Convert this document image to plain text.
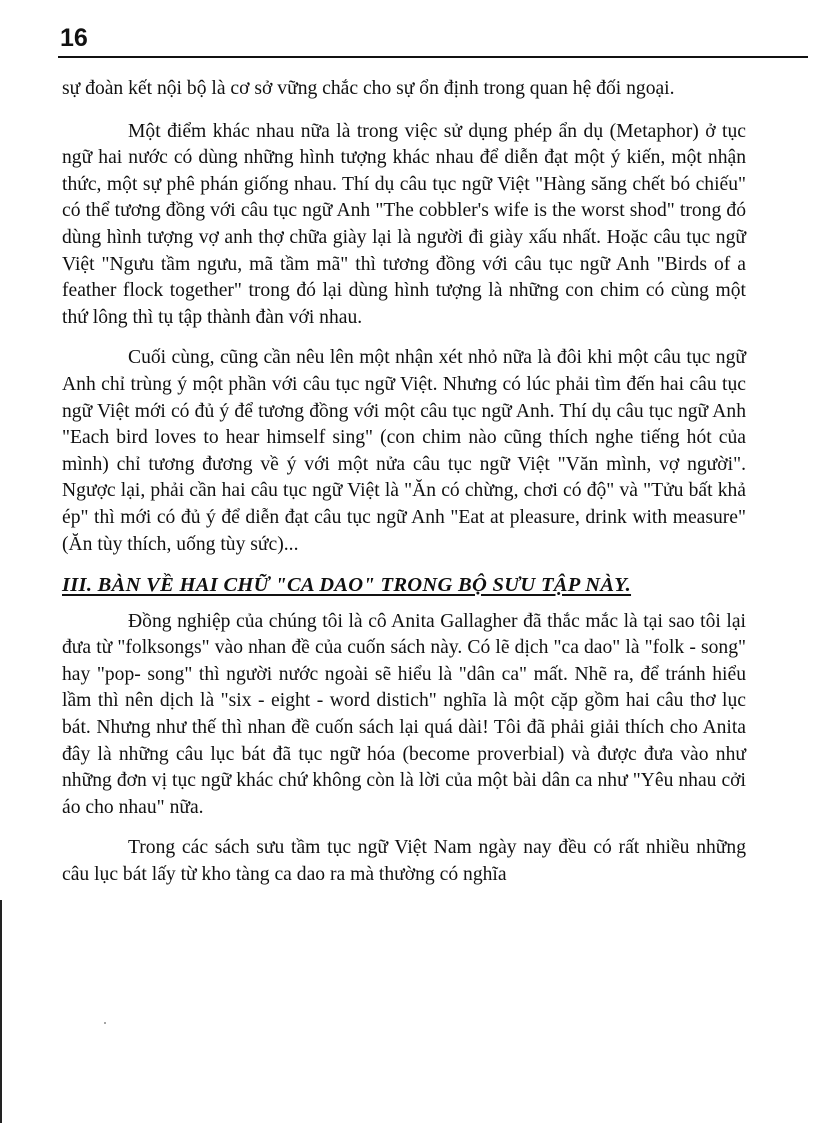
16

sự đoàn kết nội bộ là cơ sở vững chắc cho sự ổn định trong quan hệ đối ngoại.

Một điểm khác nhau nữa là trong việc sử dụng phép ẩn dụ (Metaphor) ở tục ngữ hai nước có dùng những hình tượng khác nhau để diễn đạt một ý kiến, một nhận thức, một sự phê phán giống nhau. Thí dụ câu tục ngữ Việt "Hàng săng chết bó chiếu" có thể tương đồng với câu tục ngữ Anh "The cobbler's wife is the worst shod" trong đó dùng hình tượng vợ anh thợ chữa giày lại là người đi giày xấu nhất. Hoặc câu tục ngữ Việt "Ngưu tầm ngưu, mã tầm mã" thì tương đồng với câu tục ngữ Anh "Birds of a feather flock together" trong đó lại dùng hình tượng là những con chim có cùng một thứ lông thì tụ tập thành đàn với nhau.

Cuối cùng, cũng cần nêu lên một nhận xét nhỏ nữa là đôi khi một câu tục ngữ Anh chỉ trùng ý một phần với câu tục ngữ Việt. Nhưng có lúc phải tìm đến hai câu tục ngữ Việt mới có đủ ý để tương đồng với một câu tục ngữ Anh. Thí dụ câu tục ngữ Anh "Each bird loves to hear himself sing" (con chim nào cũng thích nghe tiếng hót của mình) chỉ tương đương về ý với một nửa câu tục ngữ Việt "Văn mình, vợ người". Ngược lại, phải cần hai câu tục ngữ Việt là "Ăn có chừng, chơi có độ" và "Tửu bất khả ép" thì mới có đủ ý để diễn đạt câu tục ngữ Anh "Eat at pleasure, drink with measure" (Ăn tùy thích, uống tùy sức)...

III. BÀN VỀ HAI CHỮ "CA DAO" TRONG BỘ SƯU TẬP NÀY.

Đồng nghiệp của chúng tôi là cô Anita Gallagher đã thắc mắc là tại sao tôi lại đưa từ "folksongs" vào nhan đề của cuốn sách này. Có lẽ dịch "ca dao" là "folk - song" hay "pop- song" thì người nước ngoài sẽ hiểu là "dân ca" mất. Nhẽ ra, để tránh hiểu lầm thì nên dịch là "six - eight - word distich" nghĩa là một cặp gồm hai câu thơ lục bát. Nhưng như thế thì nhan đề cuốn sách lại quá dài! Tôi đã phải giải thích cho Anita đây là những câu lục bát đã tục ngữ hóa (become proverbial) và được đưa vào như những đơn vị tục ngữ khác chứ không còn là lời của một bài dân ca như "Yêu nhau cởi áo cho nhau" nữa.

Trong các sách sưu tầm tục ngữ Việt Nam ngày nay đều có rất nhiều những câu lục bát lấy từ kho tàng ca dao ra mà thường có nghĩa
